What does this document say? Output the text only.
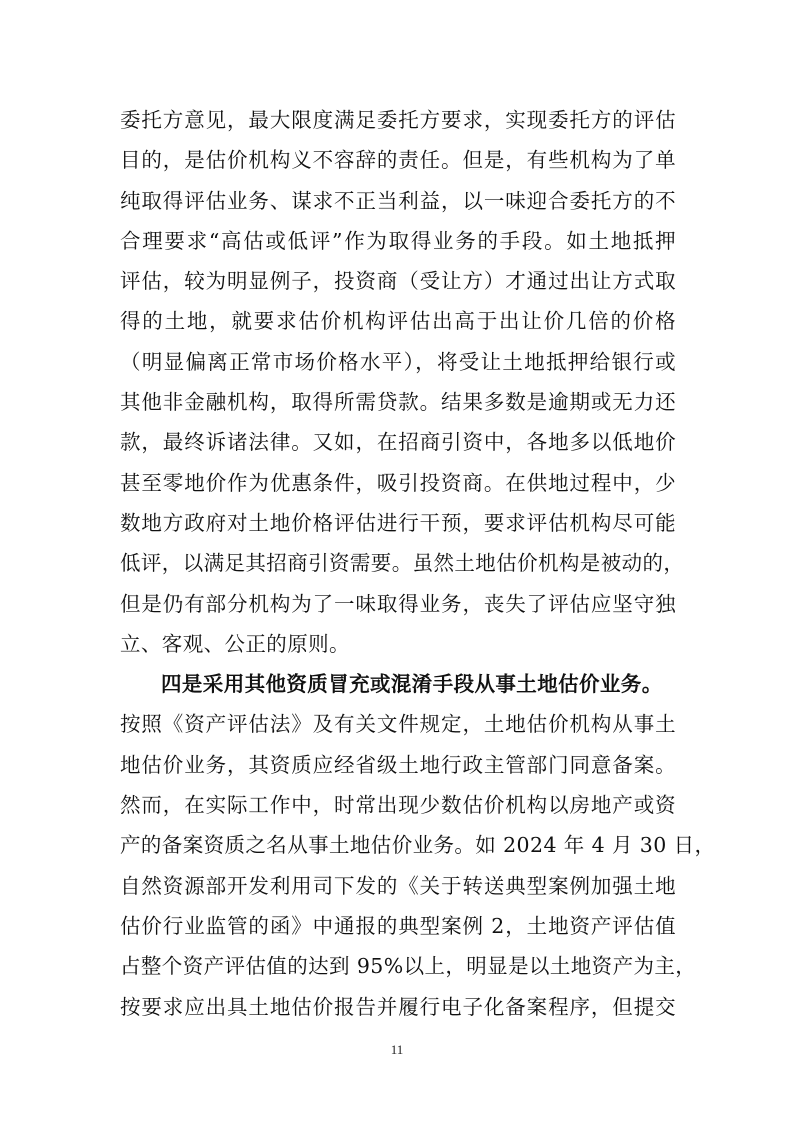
委托方意见，最大限度满足委托方要求，实现委托方的评估
目的，是估价机构义不容辞的责任。但是，有些机构为了单
纯取得评估业务、谋求不正当利益，以一味迎合委托方的不
合理要求“高估或低评”作为取得业务的手段。如土地抵押
评估，较为明显例子，投资商（受让方）才通过出让方式取
得的土地，就要求估价机构评估出高于出让价几倍的价格
（明显偏离正常市场价格水平），将受让土地抵押给银行或
其他非金融机构，取得所需贷款。结果多数是逾期或无力还
款，最终诉诸法律。又如，在招商引资中，各地多以低地价
甚至零地价作为优惠条件，吸引投资商。在供地过程中，少
数地方政府对土地价格评估进行干预，要求评估机构尽可能
低评，以满足其招商引资需要。虽然土地估价机构是被动的，
但是仍有部分机构为了一味取得业务，丧失了评估应坚守独
立、客观、公正的原则。
四是采用其他资质冒充或混淆手段从事土地估价业务。
按照《资产评估法》及有关文件规定，土地估价机构从事土
地估价业务，其资质应经省级土地行政主管部门同意备案。
然而，在实际工作中，时常出现少数估价机构以房地产或资
产的备案资质之名从事土地估价业务。如 2024 年 4 月 30 日，
自然资源部开发利用司下发的《关于转送典型案例加强土地
估价行业监管的函》中通报的典型案例 2，土地资产评估值
占整个资产评估值的达到 95%以上，明显是以土地资产为主，
按要求应出具土地估价报告并履行电子化备案程序，但提交
11
